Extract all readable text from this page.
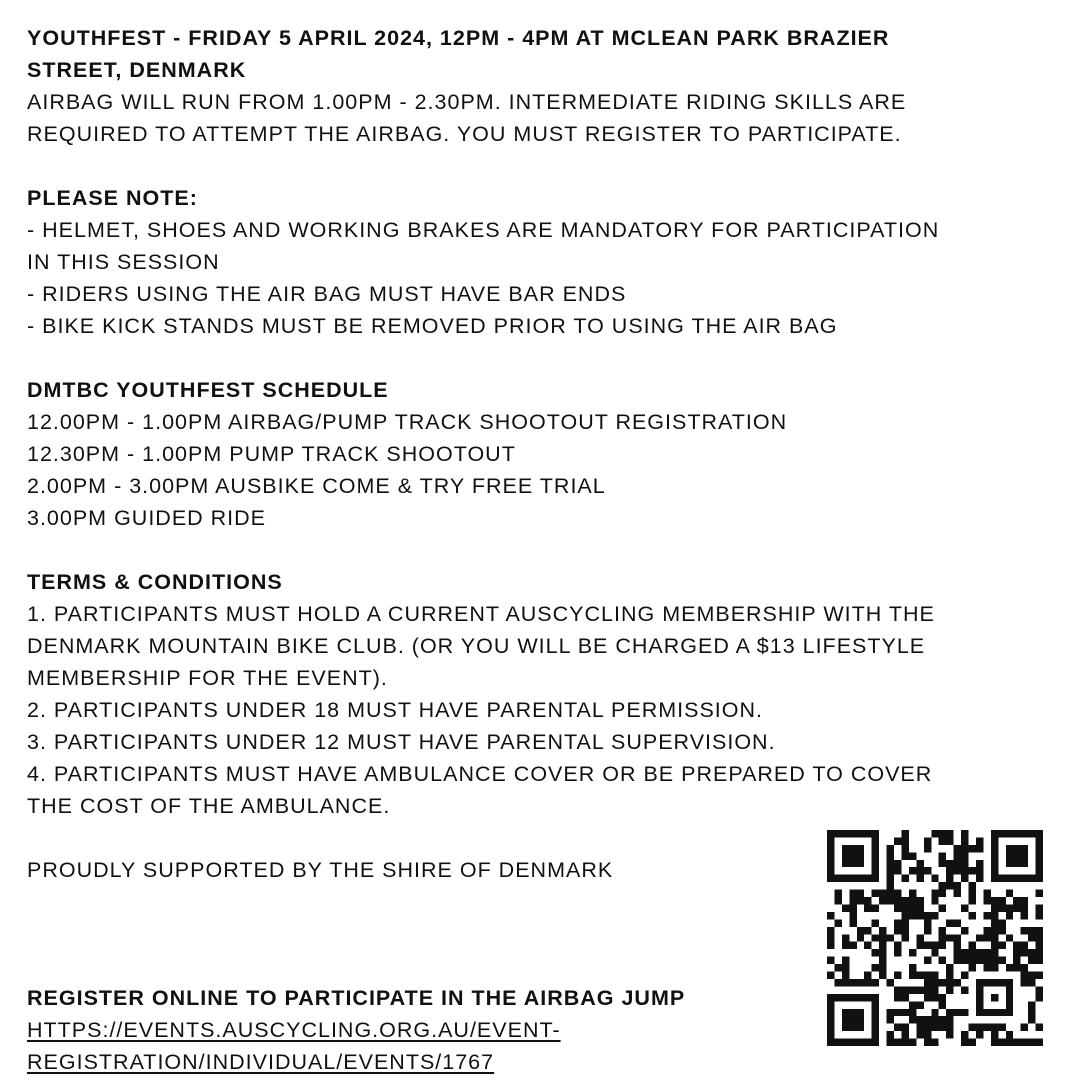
YOUTHFEST - FRIDAY 5 APRIL 2024, 12PM - 4PM AT MCLEAN PARK BRAZIER
STREET, DENMARK
AIRBAG WILL RUN FROM 1.00PM - 2.30PM. INTERMEDIATE RIDING SKILLS ARE
REQUIRED TO ATTEMPT THE AIRBAG. YOU MUST REGISTER TO PARTICIPATE.
PLEASE NOTE:
- HELMET, SHOES AND WORKING BRAKES ARE MANDATORY FOR PARTICIPATION
IN THIS SESSION
- RIDERS USING THE AIR BAG MUST HAVE BAR ENDS
- BIKE KICK STANDS MUST BE REMOVED PRIOR TO USING THE AIR BAG
DMTBC YOUTHFEST SCHEDULE
12.00PM - 1.00PM AIRBAG/PUMP TRACK SHOOTOUT REGISTRATION
12.30PM - 1.00PM PUMP TRACK SHOOTOUT
2.00PM - 3.00PM AUSBIKE COME & TRY FREE TRIAL
3.00PM GUIDED RIDE
TERMS & CONDITIONS
1. PARTICIPANTS MUST HOLD A CURRENT AUSCYCLING MEMBERSHIP WITH THE
DENMARK MOUNTAIN BIKE CLUB. (OR YOU WILL BE CHARGED A $13 LIFESTYLE
MEMBERSHIP FOR THE EVENT).
2. PARTICIPANTS UNDER 18 MUST HAVE PARENTAL PERMISSION.
3. PARTICIPANTS UNDER 12 MUST HAVE PARENTAL SUPERVISION.
4. PARTICIPANTS MUST HAVE AMBULANCE COVER OR BE PREPARED TO COVER
THE COST OF THE AMBULANCE.
PROUDLY SUPPORTED BY THE SHIRE OF DENMARK
REGISTER ONLINE TO PARTICIPATE IN THE AIRBAG JUMP
HTTPS://EVENTS.AUSCYCLING.ORG.AU/EVENT-
REGISTRATION/INDIVIDUAL/EVENTS/1767
